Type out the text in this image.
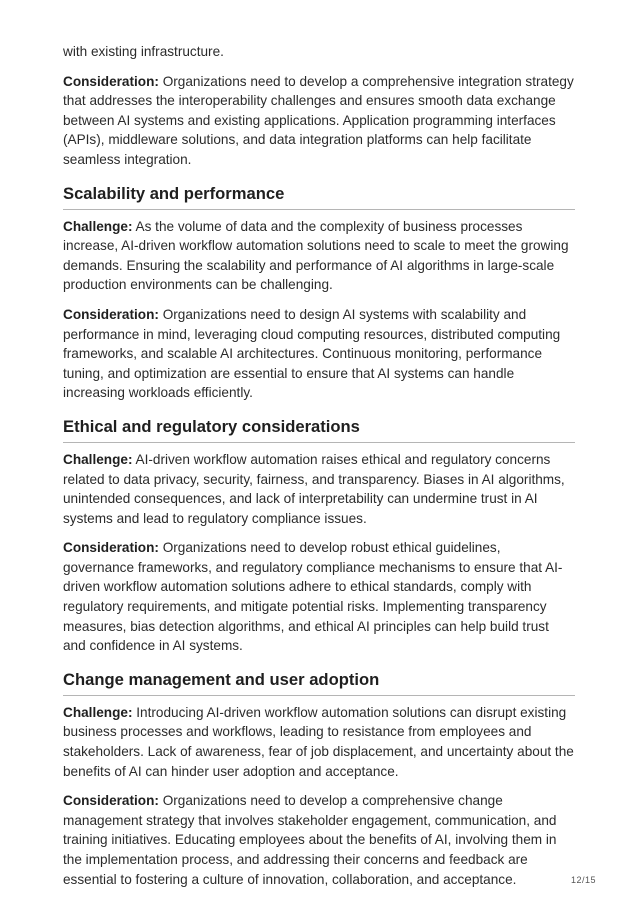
with existing infrastructure.

Consideration: Organizations need to develop a comprehensive integration strategy that addresses the interoperability challenges and ensures smooth data exchange between AI systems and existing applications. Application programming interfaces (APIs), middleware solutions, and data integration platforms can help facilitate seamless integration.

Scalability and performance

Challenge: As the volume of data and the complexity of business processes increase, AI-driven workflow automation solutions need to scale to meet the growing demands. Ensuring the scalability and performance of AI algorithms in large-scale production environments can be challenging.

Consideration: Organizations need to design AI systems with scalability and performance in mind, leveraging cloud computing resources, distributed computing frameworks, and scalable AI architectures. Continuous monitoring, performance tuning, and optimization are essential to ensure that AI systems can handle increasing workloads efficiently.

Ethical and regulatory considerations

Challenge: AI-driven workflow automation raises ethical and regulatory concerns related to data privacy, security, fairness, and transparency. Biases in AI algorithms, unintended consequences, and lack of interpretability can undermine trust in AI systems and lead to regulatory compliance issues.

Consideration: Organizations need to develop robust ethical guidelines, governance frameworks, and regulatory compliance mechanisms to ensure that AI-driven workflow automation solutions adhere to ethical standards, comply with regulatory requirements, and mitigate potential risks. Implementing transparency measures, bias detection algorithms, and ethical AI principles can help build trust and confidence in AI systems.

Change management and user adoption

Challenge: Introducing AI-driven workflow automation solutions can disrupt existing business processes and workflows, leading to resistance from employees and stakeholders. Lack of awareness, fear of job displacement, and uncertainty about the benefits of AI can hinder user adoption and acceptance.

Consideration: Organizations need to develop a comprehensive change management strategy that involves stakeholder engagement, communication, and training initiatives. Educating employees about the benefits of AI, involving them in the implementation process, and addressing their concerns and feedback are essential to fostering a culture of innovation, collaboration, and acceptance.	12/15
